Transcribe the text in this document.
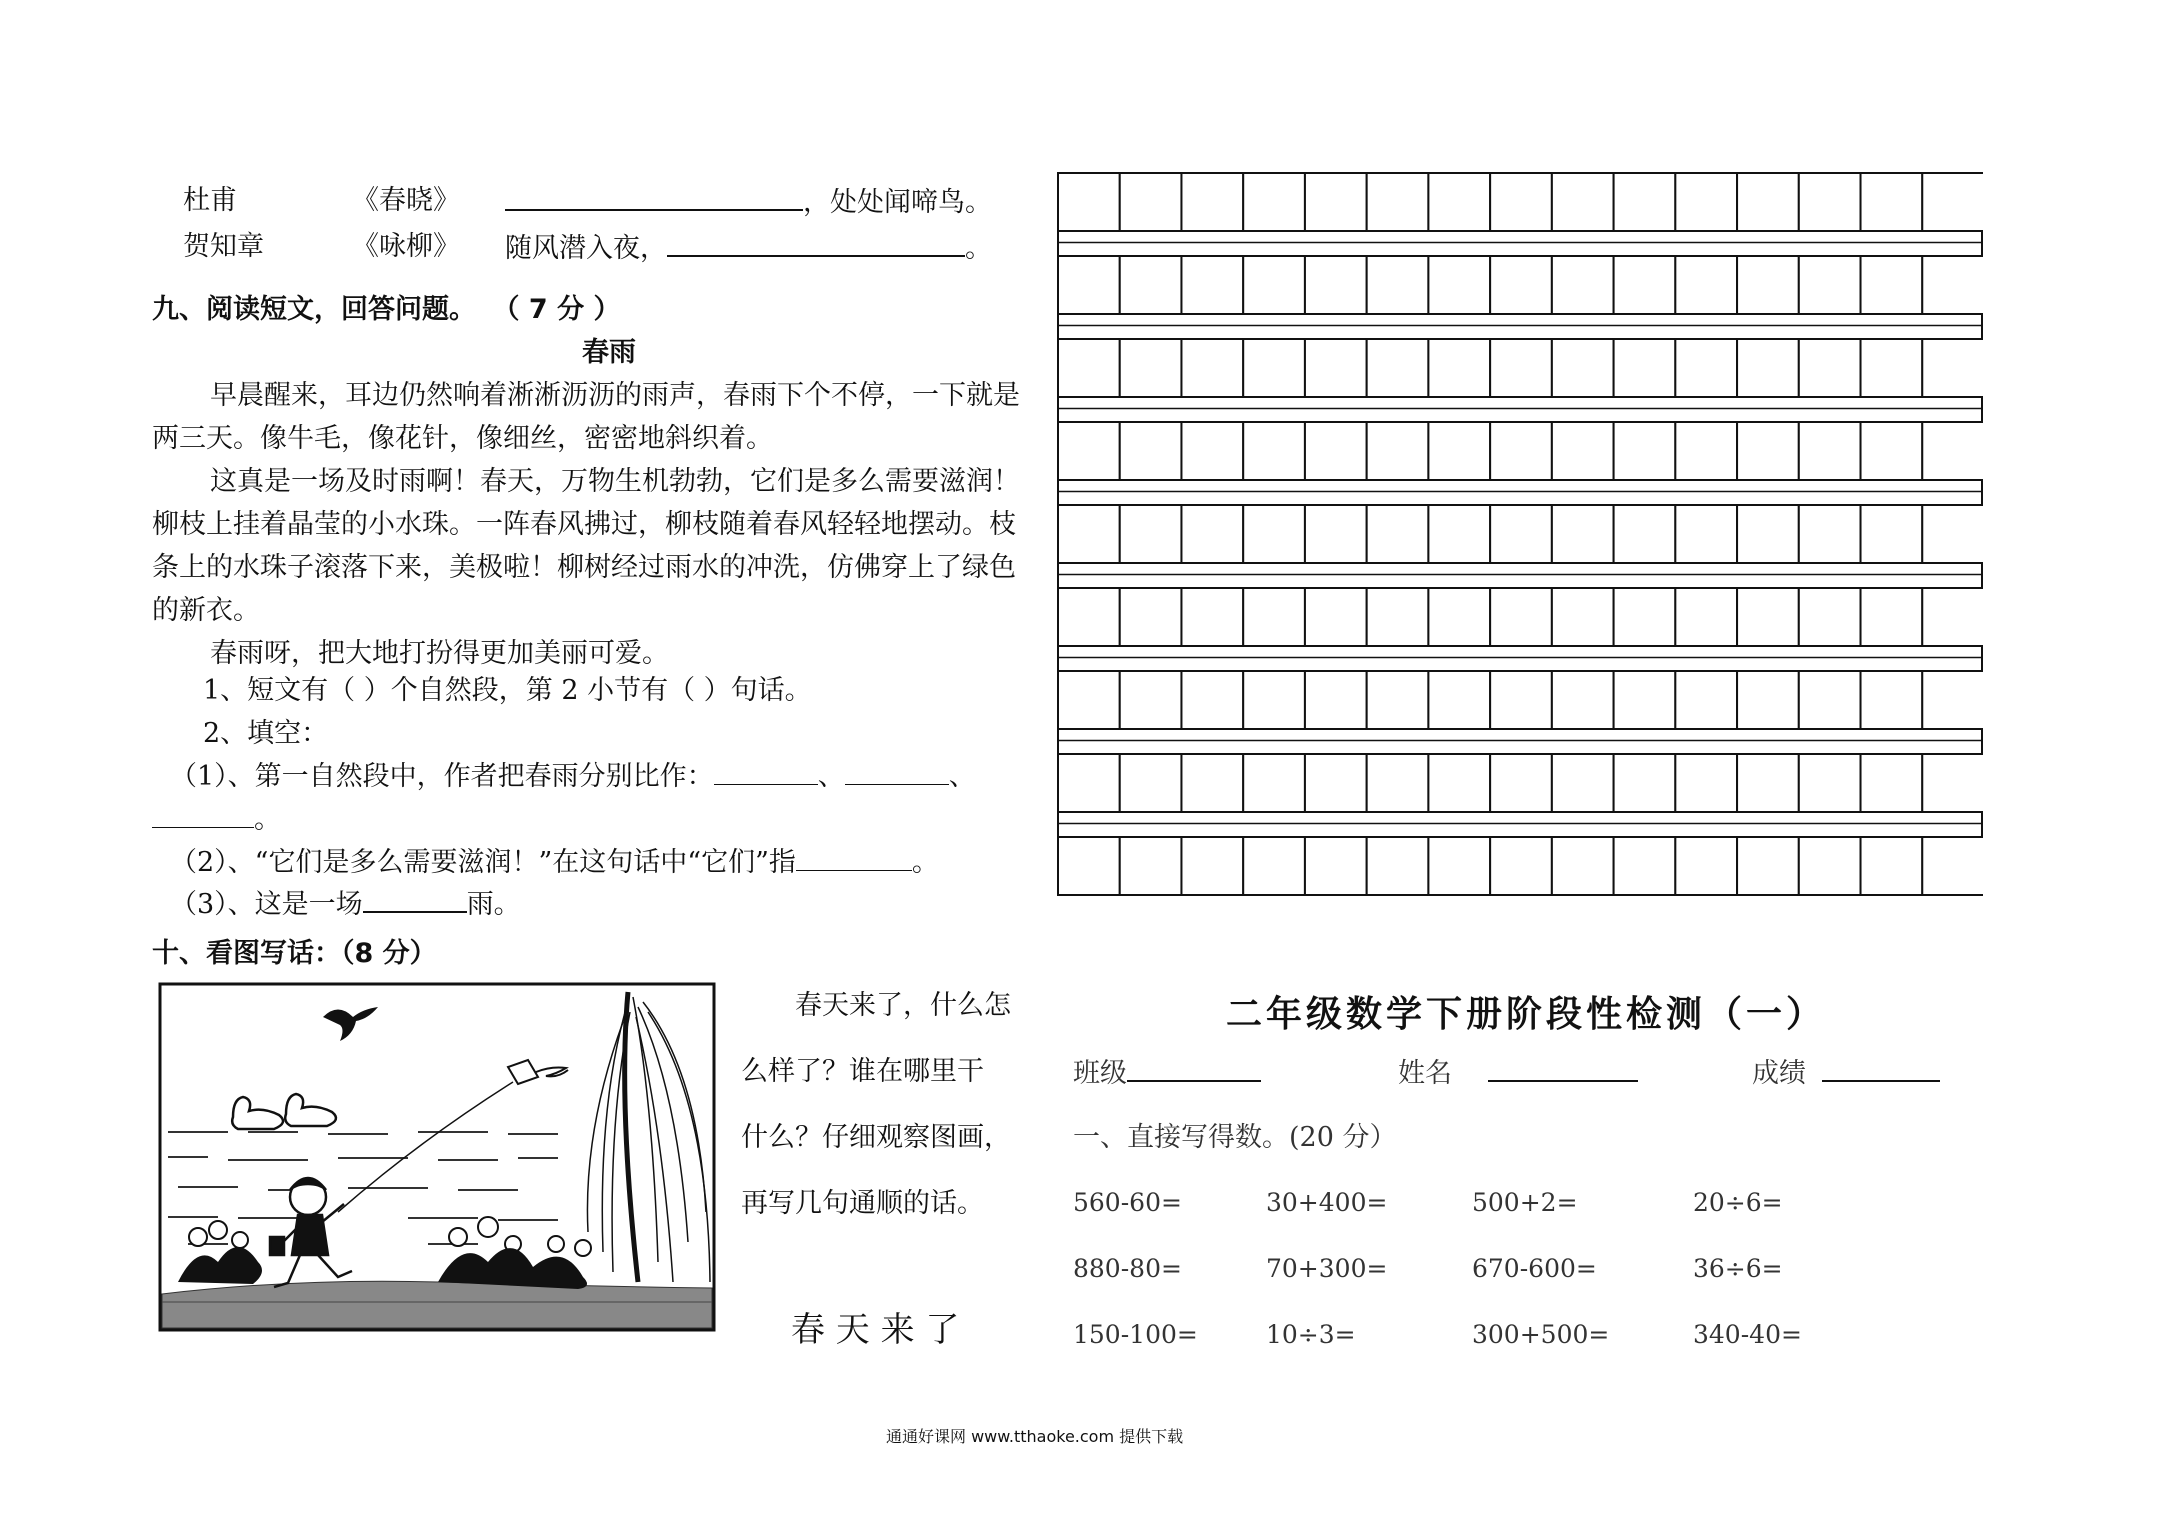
杜甫	《春晓》	，处处闻啼鸟。
贺知章	《咏柳》 随风潜入夜，	。
九、阅读短文，回答问题。 （ 7 分 ）
春雨
早晨醒来，耳边仍然响着淅淅沥沥的雨声，春雨下个不停，一下就是两三天。像牛毛，像花针，像细丝，密密地斜织着。
这真是一场及时雨啊！春天，万物生机勃勃，它们是多么需要滋润！柳枝上挂着晶莹的小水珠。一阵春风拂过，柳枝随着春风轻轻地摆动。枝条上的水珠子滚落下来，美极啦！柳树经过雨水的冲洗，仿佛穿上了绿色的新衣。
春雨呀，把大地打扮得更加美丽可爱。
1、短文有（ ）个自然段，第 2 小节有（ ）句话。
2、填空：
（1）、第一自然段中，作者把春雨分别比作：	、	、
。
（2）、“它们是多么需要滋润！”在这句话中“它们”指	。
（3）、这是一场	雨。
十、看图写话：（8 分）
春天来了，什么怎
么样了？谁在哪里干
什么？仔细观察图画，
再写几句通顺的话。
春 天 来 了
二年级数学下册阶段性检测（一）
班级	姓名	成绩
一、直接写得数。(20 分）
560-60=	30+400=	500+2=	20÷6=
880-80=	70+300=	670-600=	36÷6=
150-100=	10÷3=	300+500=	340-40=
通通好课网 www.tthaoke.com 提供下载
